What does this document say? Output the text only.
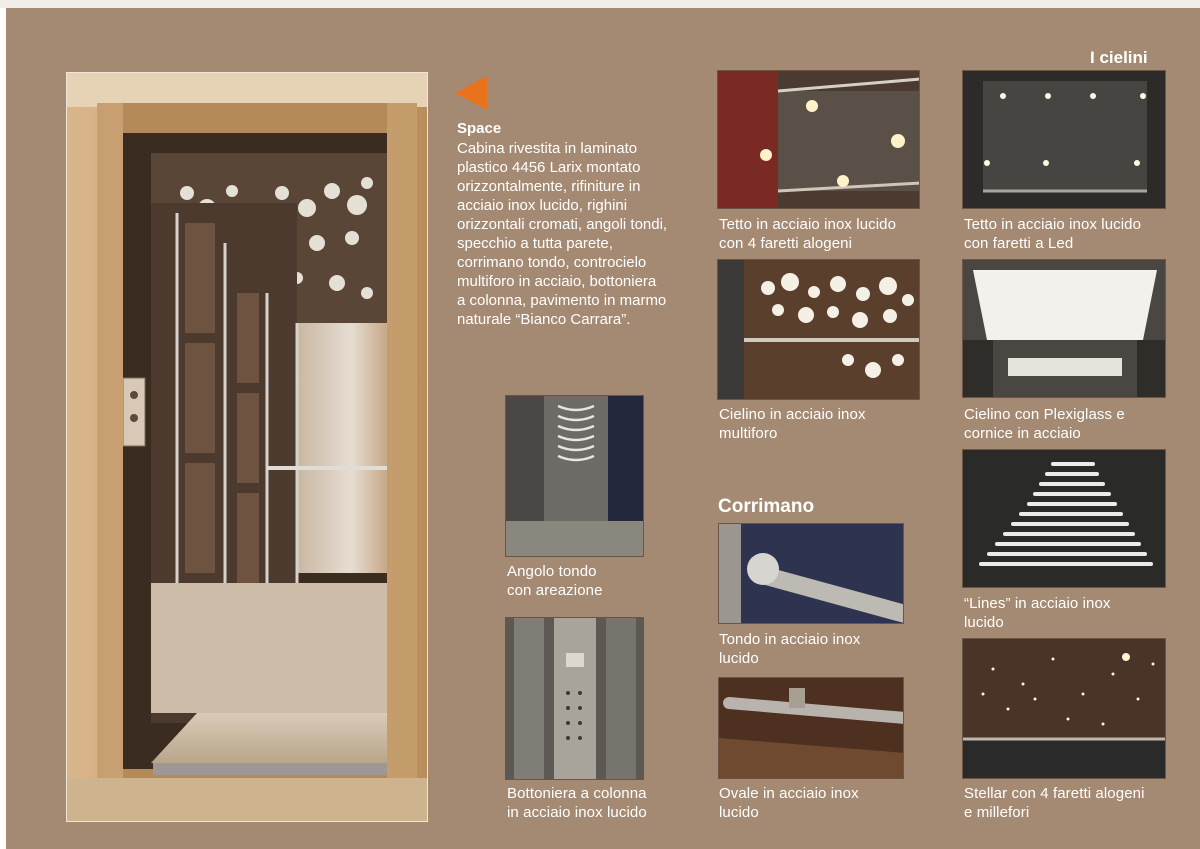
Space
Cabina rivestita in laminato
plastico 4456 Larix montato
orizzontalmente, rifiniture in
acciaio inox lucido, righini
orizzontali cromati, angoli tondi,
specchio a tutta parete,
corrimano tondo, controcielo
multiforo in acciaio, bottoniera
a colonna, pavimento in marmo
naturale “Bianco Carrara”.
I cielini
Angolo tondo
con areazione
Bottoniera a colonna
in acciaio inox lucido
Tetto in acciaio inox lucido
con 4 faretti alogeni
Cielino in acciaio inox
multiforo
Corrimano
Tondo in acciaio inox
lucido
Ovale in acciaio inox
lucido
Tetto in acciaio inox lucido
con faretti a Led
Cielino con Plexiglass e
cornice in acciaio
“Lines” in acciaio inox
lucido
Stellar con 4 faretti alogeni
e millefori
